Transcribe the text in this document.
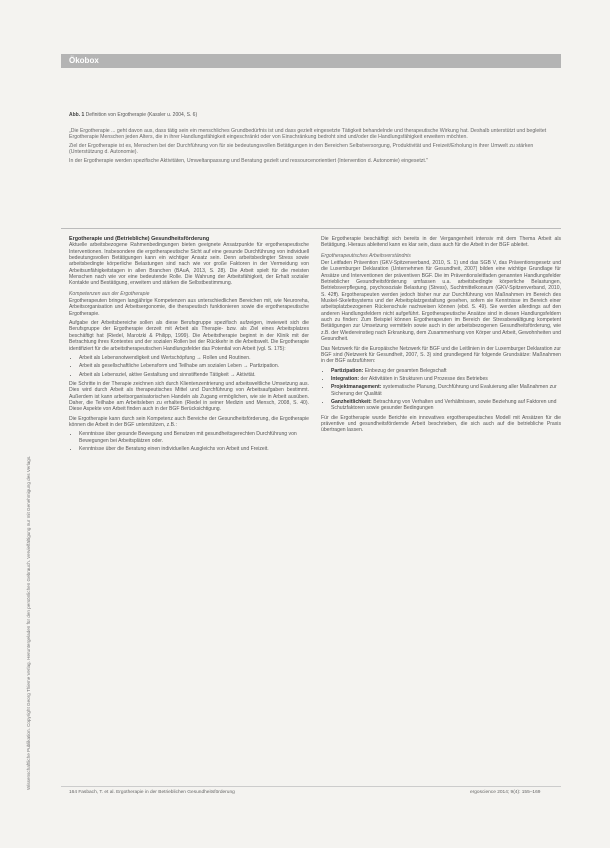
Wissenschaftliche Publikation. Copyright Georg Thieme Verlag. Heruntergeladen für den persönlichen Gebrauch. Vervielfältigung nur mit Genehmigung des Verlags.
Ökobox
Abb. 1 Definition von Ergotherapie (Kassler u. 2004, S. 6)

„Die Ergotherapie ... geht davon aus, dass tätig sein ein menschliches Grundbedürfnis ist und dass gezielt eingesetzte Tätigkeit behandelnde und therapeutische Wirkung hat. Deshalb unterstützt und begleitet Ergotherapie Menschen jeden Alters, die in ihrer Handlungsfähigkeit eingeschränkt oder von Einschränkung bedroht sind und/oder die Handlungsfähigkeit erweitern möchten.

Ziel der Ergotherapie ist es, Menschen bei der Durchführung von für sie bedeutungsvollen Betätigungen in den Bereichen Selbstversorgung, Produktivität und Freizeit/Erholung in ihrer Umwelt zu stärken (Unterstützung d. Autonomie).

In der Ergotherapie werden spezifische Aktivitäten, Umweltanpassung und Beratung gezielt und ressourcenorientiert (Intervention d. Autonomie) eingesetzt."

Ergotherapie und (Betriebliche) Gesundheitsförderung

Aktuelle arbeitsbezogene Rahmenbedingungen bieten geeignete Ansatzpunkte für ergotherapeutische Interventionen. Insbesondere die ergotherapeutische Sicht auf eine gesunde Durchführung von individuell bedeutungsvollen Betätigungen kann ein wichtiger Ansatz sein. Denn arbeitsbedingter Stress sowie arbeitsbedingte körperliche Belastungen sind nach wie vor große Faktoren in der Vermeidung von Arbeitsunfähigkeitstagen in allen Branchen (BAuA, 2013, S. 28). Die Arbeit spielt für die meisten Menschen nach wie vor eine bedeutende Rolle. Die Wahrung der Arbeitsfähigkeit, der Erhalt sozialer Kontakte und Bestätigung, erweitern und stärken die Selbstbestimmung.

Kompetenzen aus der Ergotherapie

Ergotherapeuten bringen langjährige Kompetenzen aus unterschiedlichen Bereichen mit, wie Neuroreha, Arbeitsorganisation und Arbeitsergonomie, die therapeutisch funktionieren sowie die ergotherapeutische Ergotherapie.

Aufgabe der Arbeitsbereiche sollen als diese Berufsgruppe spezifisch aufzeigen, inwieweit sich die Berufsgruppe der Ergotherapie derzeit mit Arbeit als Therapie- bzw. als Ziel eines Arbeitsplatzes beschäftigt hat (Riedel, Marotzki & Philipp, 1999). Die Arbeitstherapie beginnt in der Klinik mit der Betrachtung ihres Kontextes und der sozialen Rollen bei der Rückkehr in die Arbeitswelt. Die Ergotherapie identifiziert für die arbeitstherapeutischen Handlungsfelder das Potential von Arbeit (vgl. S. 175):

• Arbeit als Lebensnotwendigkeit und Wertschöpfung → Rollen und Routinen.
• Arbeit als gesellschaftliche Lebensform und Teilhabe am sozialen Leben → Partizipation.
• Arbeit als Lebensziel, aktive Gestaltung und sinnstiftende Tätigkeit → Aktivität.

Die Schritte in der Therapie zeichnen sich durch Klientenzentrierung und arbeitsweltliche Umsetzung aus. Dies wird durch Arbeit als therapeutisches Mittel und Durchführung von Arbeitsaufgaben bestimmt. Außerdem ist kann arbeitsorganisatorischen Handeln als Zugang ermöglichen, wie sie in Arbeit ausüben. Daher, die Teilhabe am Arbeitsleben zu erhalten (Riedel in seiner Medizin und Mensch, 2008, S. 40). Diese Aspekte von Arbeit finden auch in der BGF Berücksichtigung.

Die Ergotherapie kann durch sein Kompetenz auch Bereiche der Gesundheitsförderung, die Ergotherapie können die Arbeit in der BGF unterstützen, z.B.:

• Kenntnisse über gesunde Bewegung und Benutzen mit gesundheitsgerechten Durchführung von Bewegungen bei Arbeitsplätzen oder.
• Kenntnisse über die Beratung einen individuellen Ausgleichs von Arbeit und Freizeit.

Die Ergotherapie beschäftigt sich bereits in der Vergangenheit intensiv mit dem Thema Arbeit als Betätigung. Hieraus ableitend kann es klar sein, dass auch für die Arbeit in der BGF ableitet.

Ergotherapeutisches Arbeitsverständnis

Der Leitfaden Prävention (GKV-Spitzenverband, 2010, S. 1) und das SGB V, das Präventionsgesetz und die Luxemburger Deklaration (Unternehmen für Gesundheit, 2007) bilden eine wichtige Grundlage für Ansätze und Interventionen der präventiven BGF. Die im Präventionsleitfaden genannten Handlungsfelder Betrieblicher Gesundheitsförderung umfassen u.a. arbeitsbedingte körperliche Belastungen, Betriebsverpflegung, psychosoziale Belastung (Stress), Suchtmittelkonsum (GKV-Spitzenverband, 2010, S. 42ff). Ergotherapeuten werden jedoch bisher nur zur Durchführung von Maßnahmen im Bereich des Muskel-Skelettsystems und der Arbeitsplatzgestaltung gesehen, sofern sie Kenntnisse im Bereich einer arbeitsplatzbezogenen Rückenschule nachweisen können (ebd. S. 49). Sie werden allerdings auf den anderen Handlungsfeldern nicht aufgeführt. Ergotherapeutische Ansätze sind in diesen Handlungsfeldern auch zu finden: Zum Beispiel können Ergotherapeuten im Bereich der Stressbewältigung kompetent Betätigungen zur Umsetzung vermitteln sowie auch in der arbeitsbezogenen Gesundheitsförderung, wie z.B. der Wiedereinstieg nach Erkrankung, dem Zusammenhang von Körper und Arbeit, Gewohnheiten und Gesundheit.

Das Netzwerk für die Europäische Netzwerk für BGF und die Leitlinien in der Luxemburger Deklaration zur BGF sind (Netzwerk für Gesundheit, 2007, S. 3) sind grundlegend für folgende Grundsätze: Maßnahmen in der BGF aufzuführen:

• Partizipation: Einbezug der gesamten Belegschaft
• Integration: der Aktivitäten in Strukturen und Prozesse des Betriebes
• Projektmanagement: systematische Planung, Durchführung und Evaluierung aller Maßnahmen zur Sicherung der Qualität
• Ganzheitlichkeit: Betrachtung von Verhalten und Verhältnissen, sowie Beziehung auf Faktoren und Schutzfaktoren sowie gesunder Bedingungen

Für die Ergotherapie wurde Berichte ein innovatives ergotherapeutisches Modell mit Ansätzen für die präventive und gesundheitsfördernde Arbeit beschrieben, die sich auch auf die betriebliche Praxis übertragen lassen.

164 Fasbach, T. et al. Ergotherapie in der Betrieblichen Gesundheitsförderung	ergoscience 2014; 9(4): 155–169
